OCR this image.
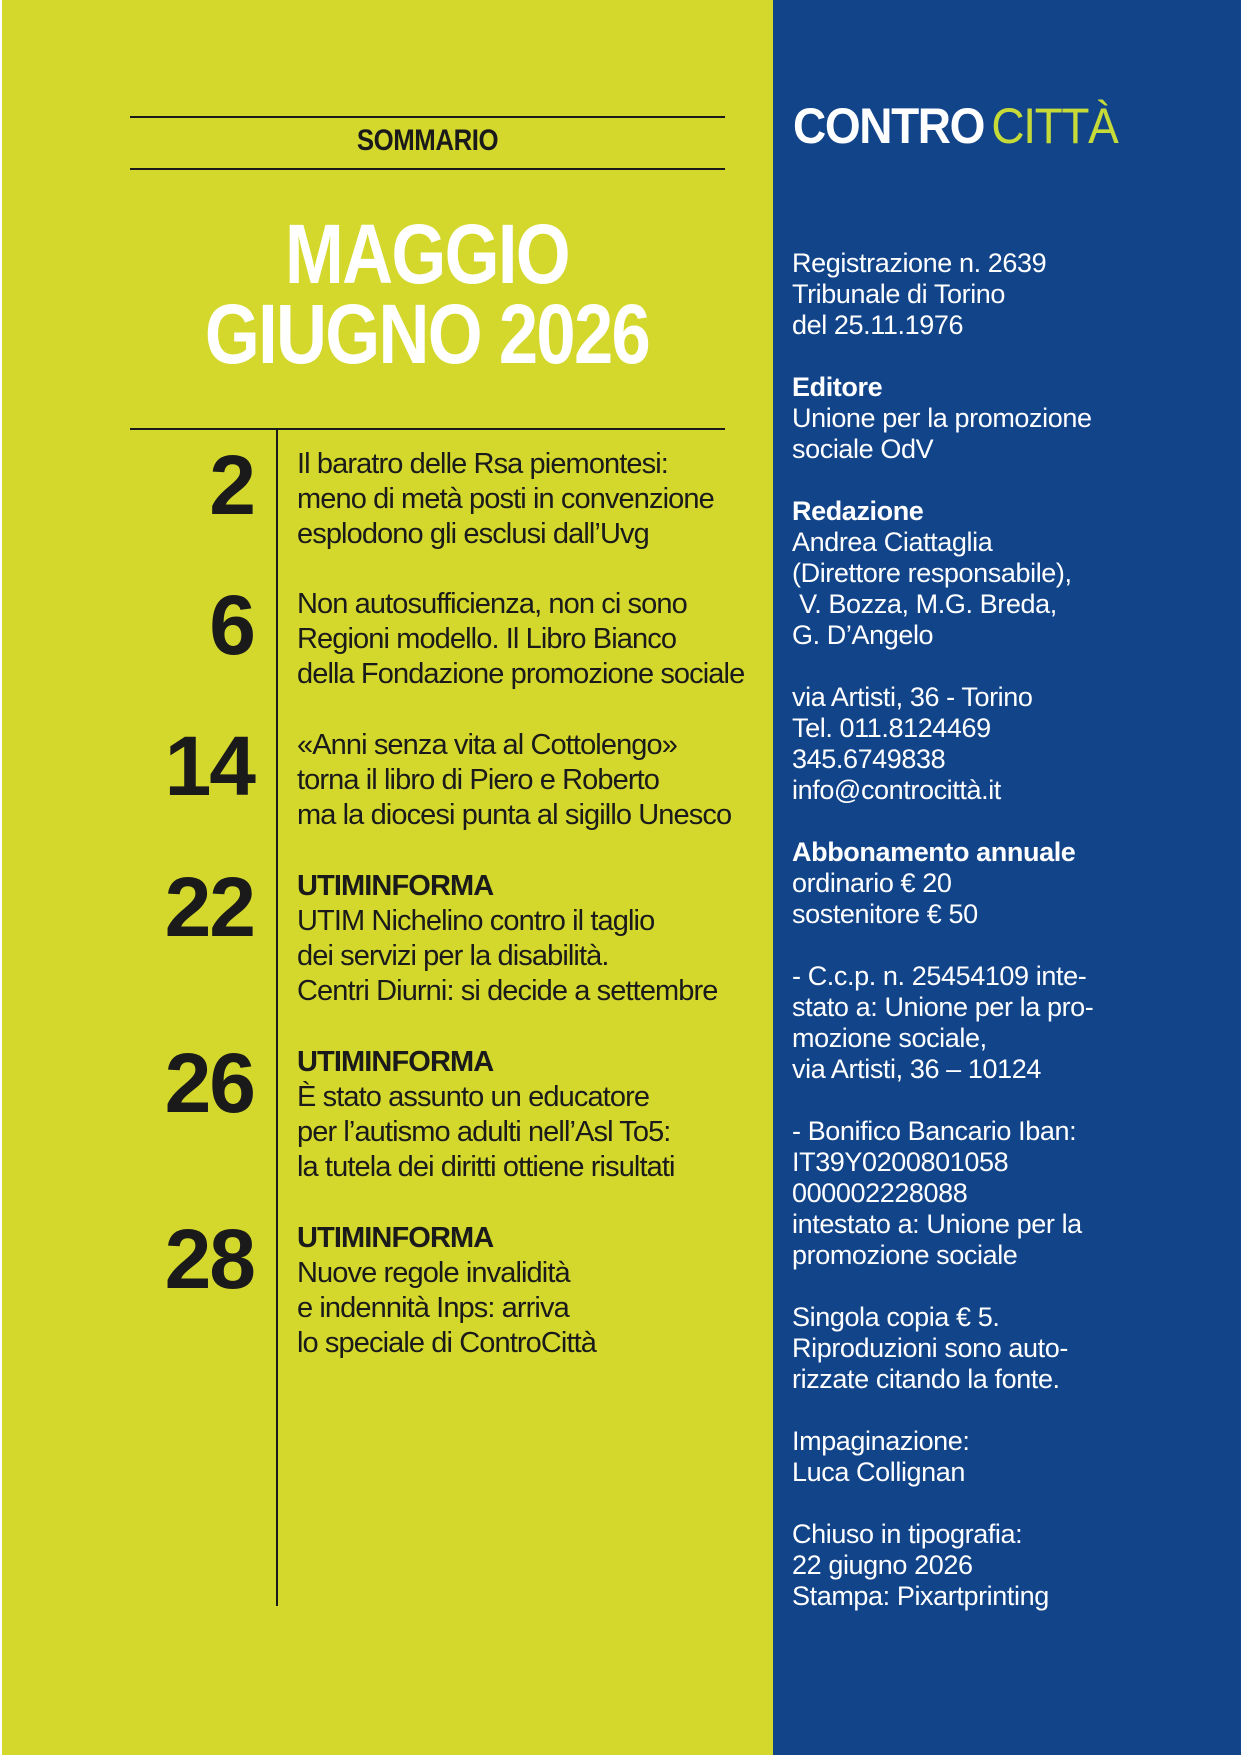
SOMMARIO
MAGGIO
GIUGNO 2026
2 Il baratro delle Rsa piemontesi:
meno di metà posti in convenzione
esplodono gli esclusi dall’Uvg
6 Non autosufficienza, non ci sono
Regioni modello. Il Libro Bianco
della Fondazione promozione sociale
14 «Anni senza vita al Cottolengo»
torna il libro di Piero e Roberto
ma la diocesi punta al sigillo Unesco
22 UTIMINFORMA
UTIM Nichelino contro il taglio
dei servizi per la disabilità.
Centri Diurni: si decide a settembre
26 UTIMINFORMA
È stato assunto un educatore
per l’autismo adulti nell’Asl To5:
la tutela dei diritti ottiene risultati
28 UTIMINFORMA
Nuove regole invalidità
e indennità Inps: arriva
lo speciale di ControCittà
CONTRO CITTÀ
Registrazione n. 2639
Tribunale di Torino
del 25.11.1976
Editore
Unione per la promozione
sociale OdV
Redazione
Andrea Ciattaglia
(Direttore responsabile),
V. Bozza, M.G. Breda,
G. D’Angelo
via Artisti, 36 - Torino
Tel. 011.8124469
345.6749838
info@controcittà.it
Abbonamento annuale
ordinario € 20
sostenitore € 50
- C.c.p. n. 25454109 inte-
stato a: Unione per la pro-
mozione sociale,
via Artisti, 36 – 10124
- Bonifico Bancario Iban:
IT39Y0200801058
000002228088
intestato a: Unione per la
promozione sociale
Singola copia € 5.
Riproduzioni sono auto-
rizzate citando la fonte.
Impaginazione:
Luca Collignan
Chiuso in tipografia:
22 giugno 2026
Stampa: Pixartprinting
